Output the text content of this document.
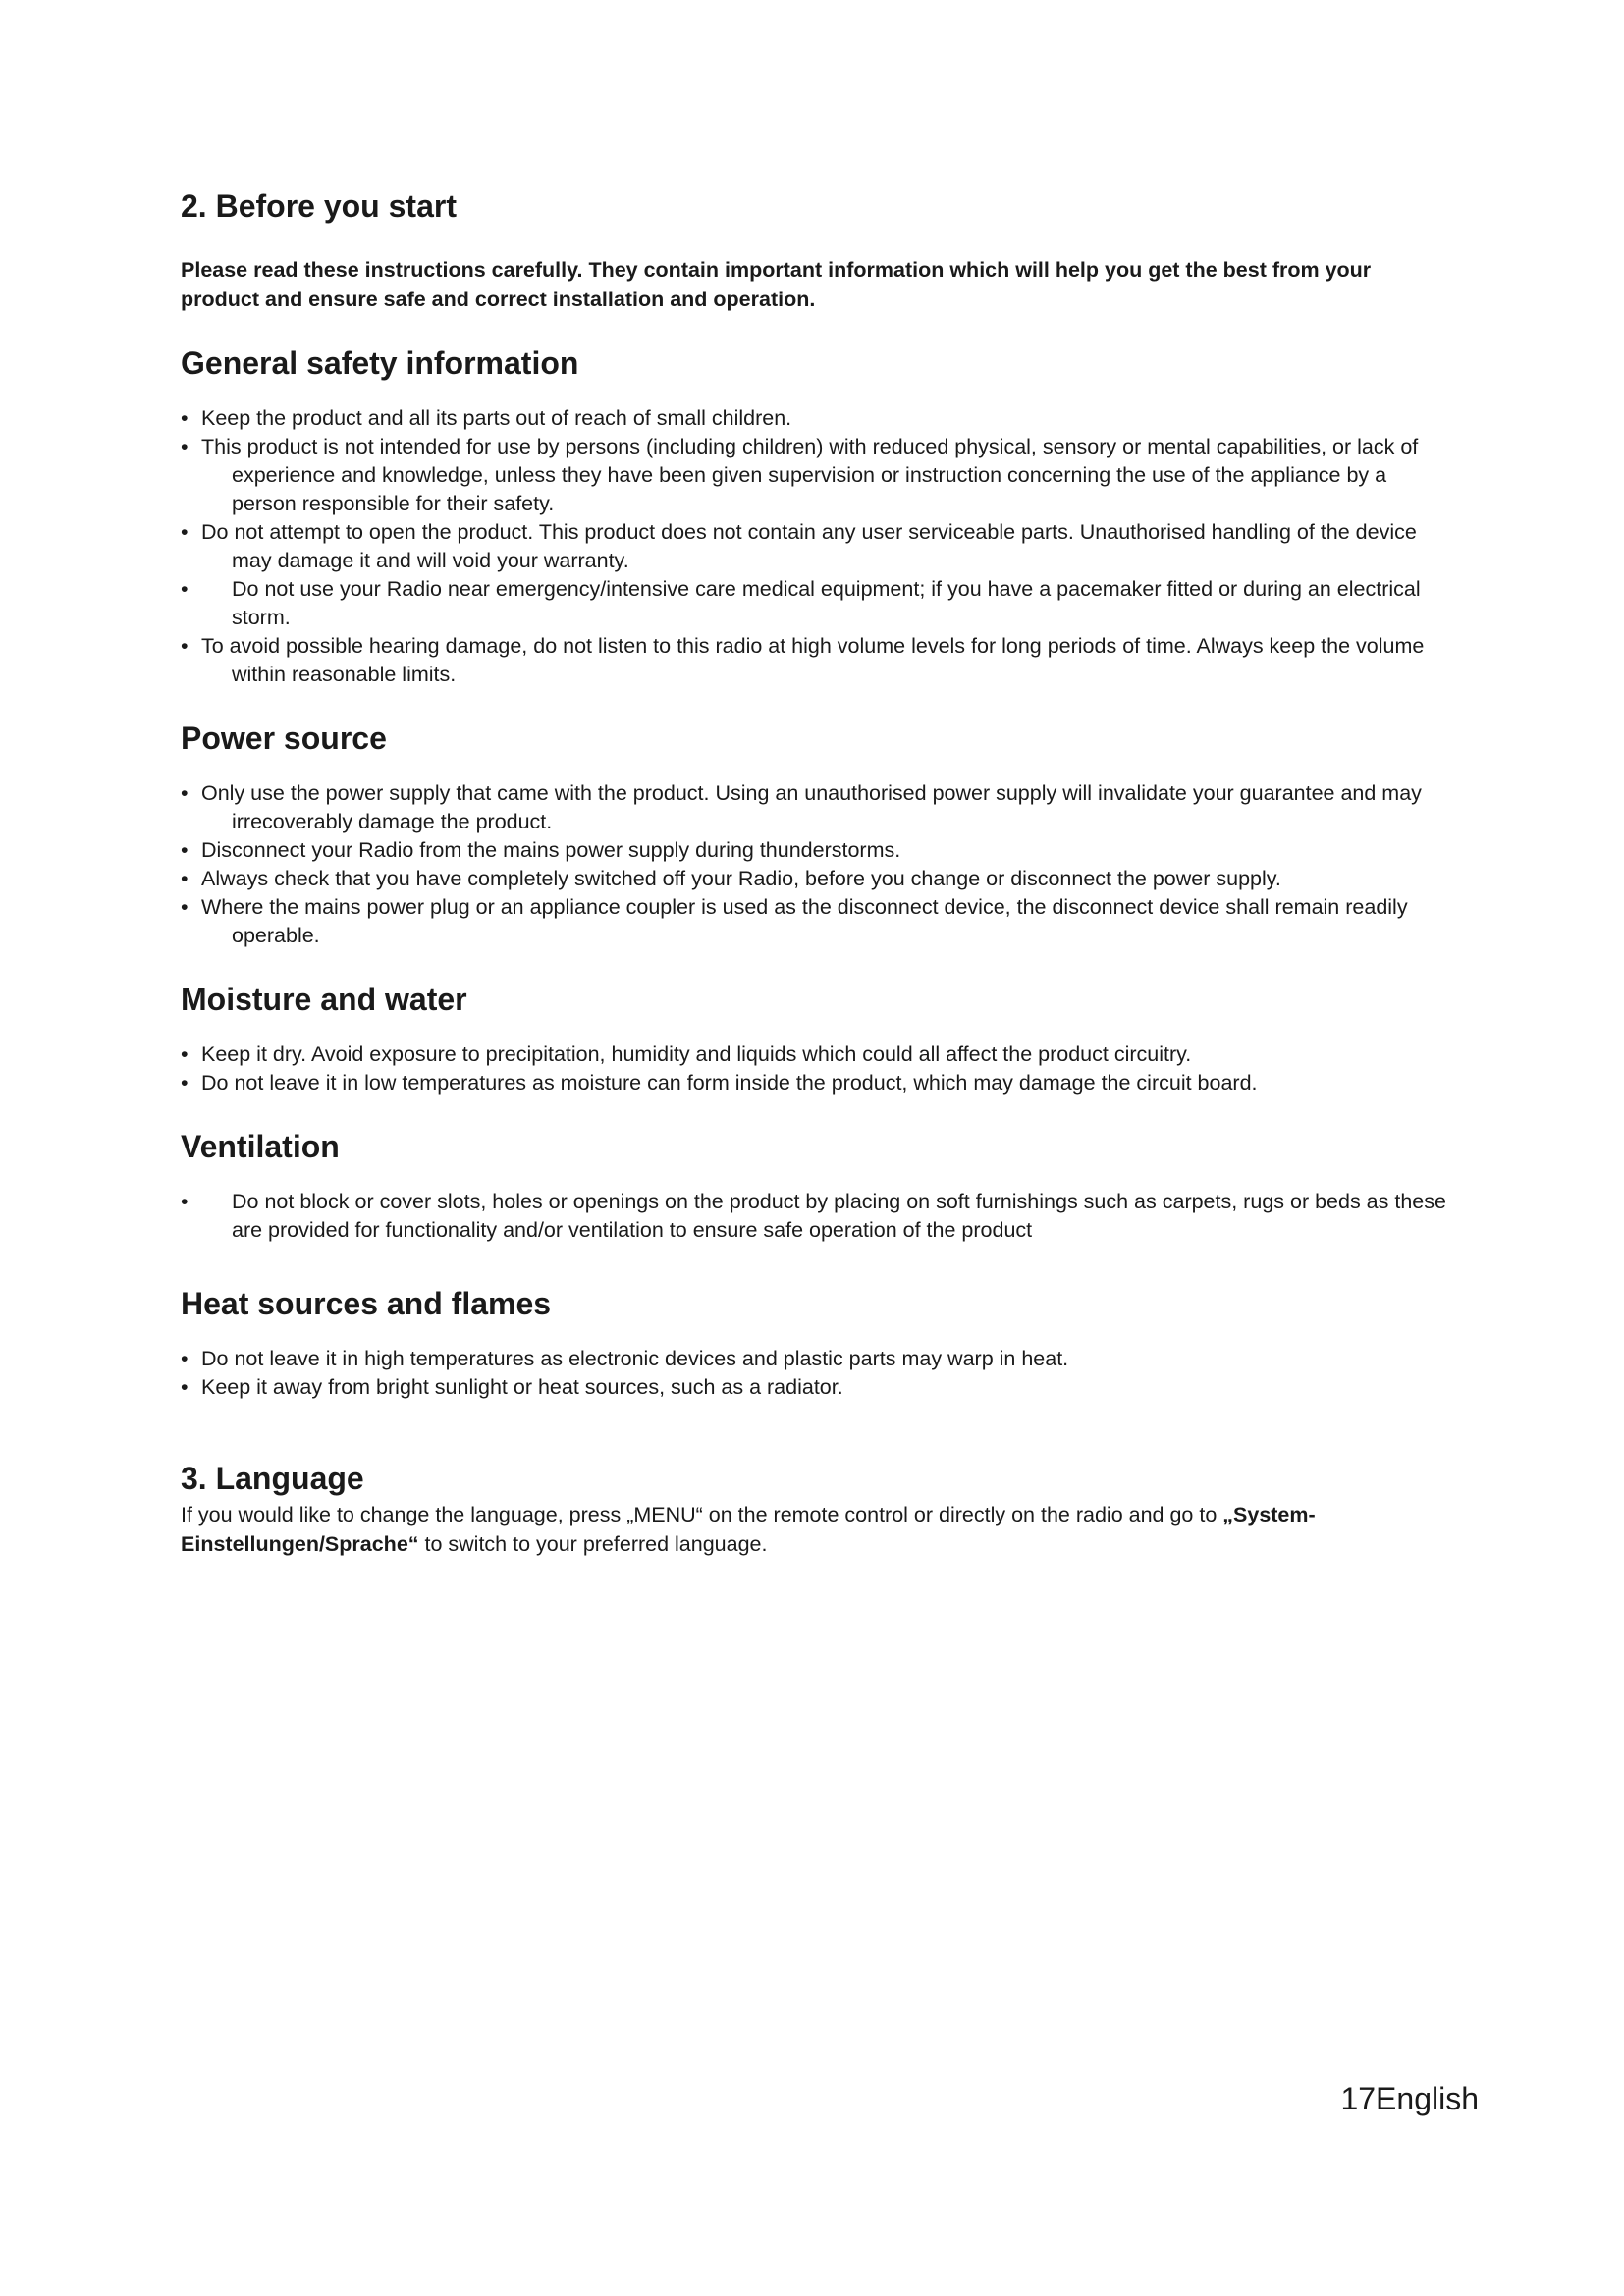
2. Before you start

Please read these instructions carefully. They contain important information which will help you get the best from your product and ensure safe and correct installation and operation.

General safety information
• Keep the product and all its parts out of reach of small children.
• This product is not intended for use by persons (including children) with reduced physical, sensory or mental capabilities, or lack of experience and knowledge, unless they have been given supervision or instruction concerning the use of the appliance by a person responsible for their safety.
• Do not attempt to open the product. This product does not contain any user serviceable parts. Unauthorised handling of the device may damage it and will void your warranty.
• Do not use your Radio near emergency/intensive care medical equipment; if you have a pacemaker fitted or during an electrical storm.
• To avoid possible hearing damage, do not listen to this radio at high volume levels for long periods of time. Always keep the volume within reasonable limits.
Power source
• Only use the power supply that came with the product. Using an unauthorised power supply will invalidate your guarantee and may irrecoverably damage the product.
• Disconnect your Radio from the mains power supply during thunderstorms.
• Always check that you have completely switched off your Radio, before you change or disconnect the power supply.
• Where the mains power plug or an appliance coupler is used as the disconnect device, the disconnect device shall remain readily operable.
Moisture and water
• Keep it dry. Avoid exposure to precipitation, humidity and liquids which could all affect the product circuitry.
• Do not leave it in low temperatures as moisture can form inside the product, which may damage the circuit board.
Ventilation
• Do not block or cover slots, holes or openings on the product by placing on soft furnishings such as carpets, rugs or beds as these are provided for functionality and/or ventilation to ensure safe operation of the product
Heat sources and flames
• Do not leave it in high temperatures as electronic devices and plastic parts may warp in heat.
• Keep it away from bright sunlight or heat sources, such as a radiator.
3. Language

If you would like to change the language, press „MENU“ on the remote control or directly on the radio and go to „System-Einstellungen/Sprache“ to switch to your preferred language.

17English
